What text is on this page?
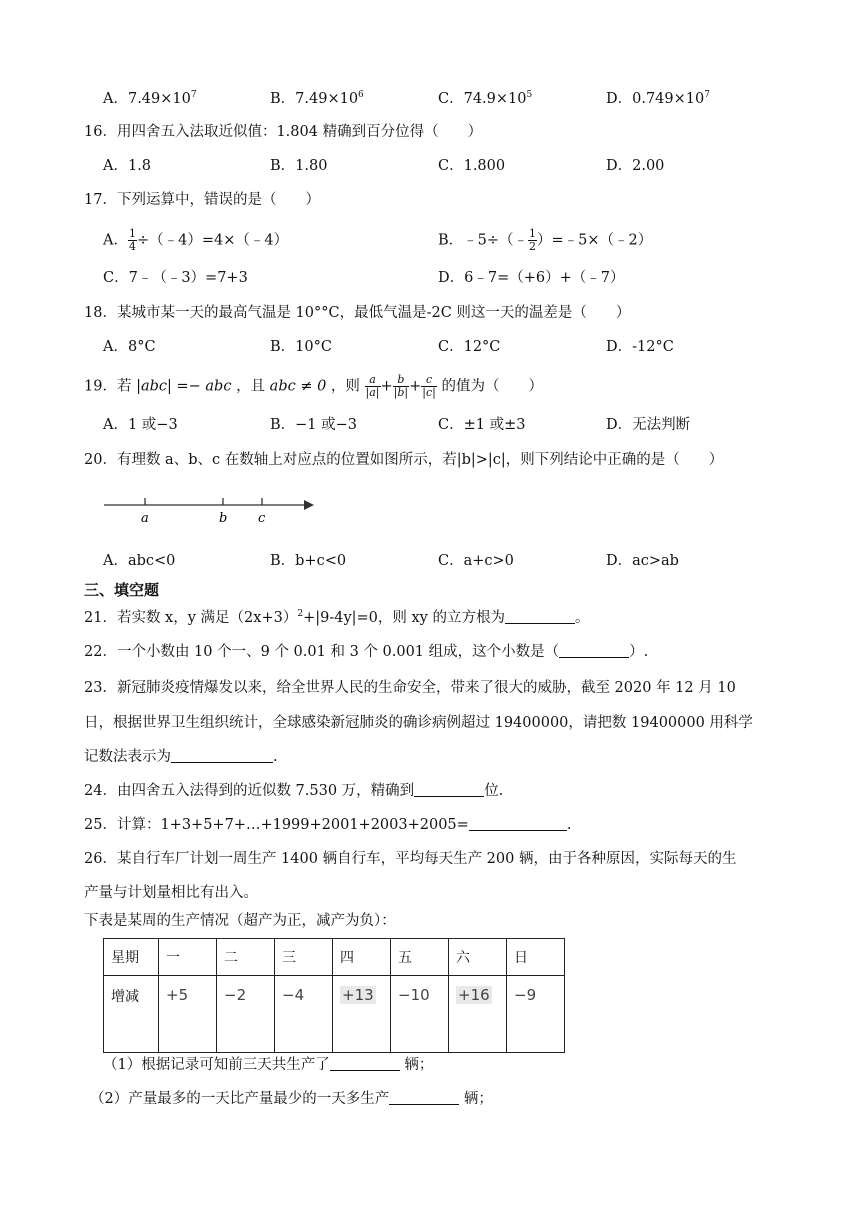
A．$7.49\times 10^7$	B．$7.49\times 10^6$	C．$74.9\times 10^5$	D．$0.749\times 10^7$
16．用四舍五入法取近似值：1.804 精确到百分位得（　　）
A．1.8	B．1.80	C．1.800	D．2.00
17．下列运算中，错误的是（　　）
A． $\frac{1}{4}$ ÷（﹣4）=4×（﹣4）	B．﹣5÷（﹣ $\frac{1}{2}$ ）=﹣5×（﹣2）
C．7﹣（﹣3）=7+3	D．6﹣7=（+6）+（﹣7）
18．某城市某一天的最高气温是 10°°C，最低气温是-2C 则这一天的温差是（　　）
A．8°C	B．10°C	C．12°C	D．-12°C
19．若 |abc| =− abc ，且 abc ≠ 0 ，则 $\frac{a}{|a|} + \frac{b}{|b|} + \frac{c}{|c|}$ 的值为（　　）
A．1 或−3	B．−1 或−3	C．±1 或±3	D．无法判断
20．有理数 a、b、c 在数轴上对应点的位置如图所示，若|b|>|c|，则下列结论中正确的是（　　）
a	b c
A．abc<0	B．b+c<0	C．a+c>0	D．ac>ab
三、填空题
21．若实数 x，y 满足$(2x+3)^2+|9-4y|=0$，则 xy 的立方根为	。
22．一个小数由 10 个一、9 个 0.01 和 3 个 0.001 组成，这个小数是（	）.
23．新冠肺炎疫情爆发以来，给全世界人民的生命安全，带来了很大的威胁，截至 2020 年 12 月 10
日，根据世界卫生组织统计，全球感染新冠肺炎的确诊病例超过 19400000，请把数 19400000 用科学
记数法表示为	.
24．由四舍五入法得到的近似数 7.530 万，精确到	位.
25．计算：1+3+5+7+…+1999+2001+2003+2005=	.
26．某自行车厂计划一周生产 1400 辆自行车，平均每天生产 200 辆，由于各种原因，实际每天的生
产量与计划量相比有出入。
下表是某周的生产情况（超产为正，减产为负）：
星期	一	二	三	四	五	六	日
增减	+5	−2	−4	+13	−10	+16	−9
（1）根据记录可知前三天共生产了	辆；
（2）产量最多的一天比产量最少的一天多生产	辆；
